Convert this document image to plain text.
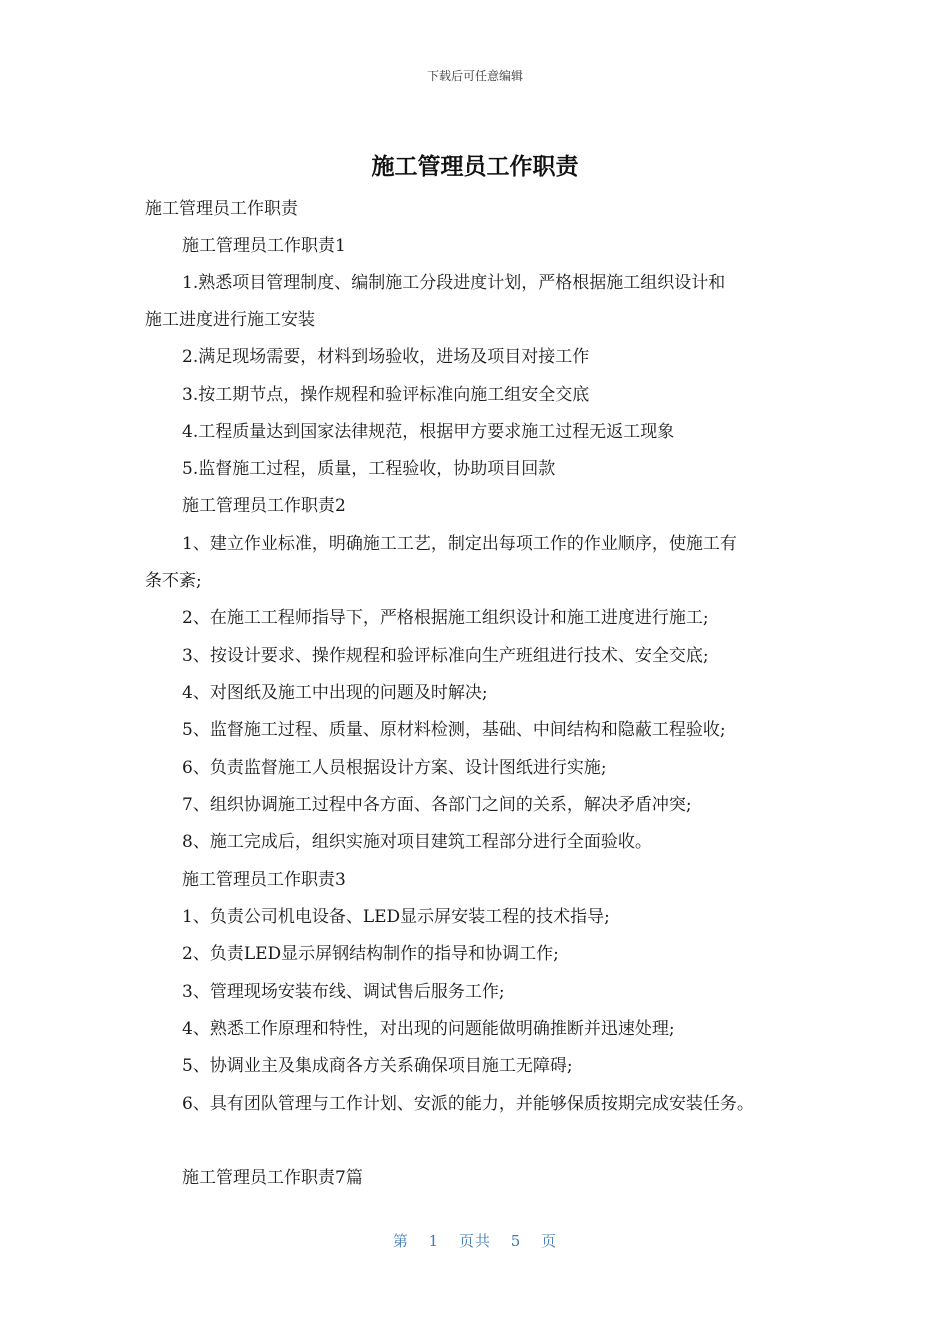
下载后可任意编辑
施工管理员工作职责
施工管理员工作职责
施工管理员工作职责1
1.熟悉项目管理制度、编制施工分段进度计划，严格根据施工组织设计和
施工进度进行施工安装
2.满足现场需要，材料到场验收，进场及项目对接工作
3.按工期节点，操作规程和验评标准向施工组安全交底
4.工程质量达到国家法律规范，根据甲方要求施工过程无返工现象
5.监督施工过程，质量，工程验收，协助项目回款
施工管理员工作职责2
1、建立作业标准，明确施工工艺，制定出每项工作的作业顺序，使施工有
条不紊;
2、在施工工程师指导下，严格根据施工组织设计和施工进度进行施工;
3、按设计要求、操作规程和验评标准向生产班组进行技术、安全交底;
4、对图纸及施工中出现的问题及时解决;
5、监督施工过程、质量、原材料检测，基础、中间结构和隐蔽工程验收;
6、负责监督施工人员根据设计方案、设计图纸进行实施;
7、组织协调施工过程中各方面、各部门之间的关系，解决矛盾冲突;
8、施工完成后，组织实施对项目建筑工程部分进行全面验收。
施工管理员工作职责3
1、负责公司机电设备、LED显示屏安装工程的技术指导;
2、负责LED显示屏钢结构制作的指导和协调工作;
3、管理现场安装布线、调试售后服务工作;
4、熟悉工作原理和特性，对出现的问题能做明确推断并迅速处理;
5、协调业主及集成商各方关系确保项目施工无障碍;
6、具有团队管理与工作计划、安派的能力，并能够保质按期完成安装任务。
施工管理员工作职责7篇
第 1 页共 5 页
